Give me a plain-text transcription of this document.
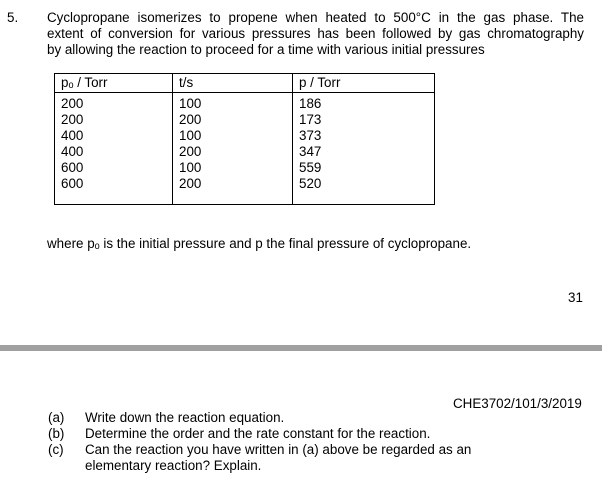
5. Cyclopropane isomerizes to propene when heated to 500°C in the gas phase. The
extent of conversion for various pressures has been followed by gas chromatography
by allowing the reaction to proceed for a time with various initial pressures
pₒ / Torr	t/s	p / Torr
200	100	186
200	200	173
400	100	373
400	200	347
600	100	559
600	200	520
where pₒ is the initial pressure and p the final pressure of cyclopropane.
31
CHE3702/101/3/2019
(a) Write down the reaction equation.
(b) Determine the order and the rate constant for the reaction.
(c) Can the reaction you have written in (a) above be regarded as an elementary reaction? Explain.
